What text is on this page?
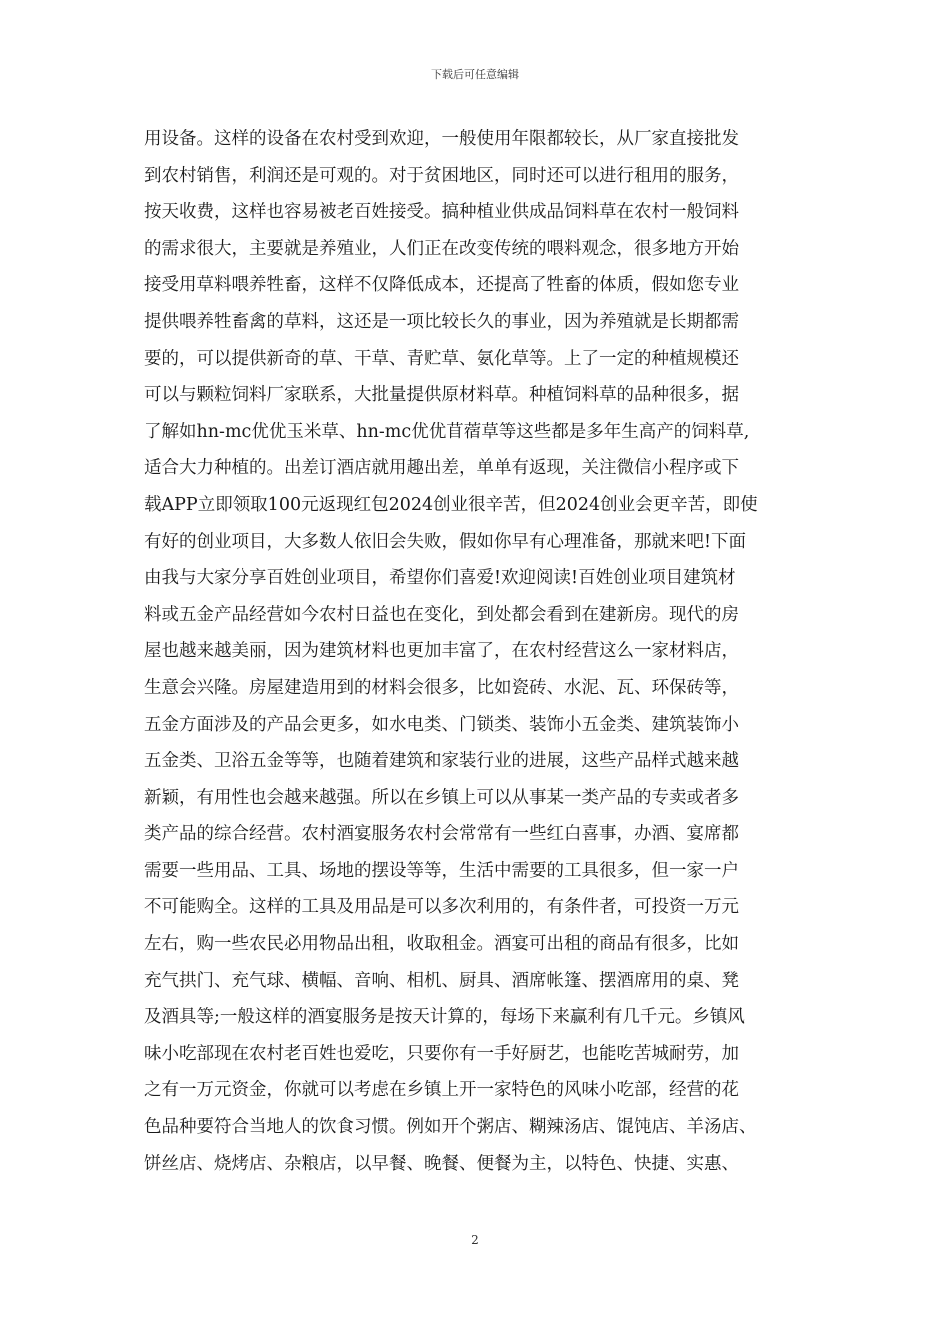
下载后可任意编辑
用设备。这样的设备在农村受到欢迎，一般使用年限都较长，从厂家直接批发
到农村销售，利润还是可观的。对于贫困地区，同时还可以进行租用的服务，
按天收费，这样也容易被老百姓接受。搞种植业供成品饲料草在农村一般饲料
的需求很大，主要就是养殖业，人们正在改变传统的喂料观念，很多地方开始
接受用草料喂养牲畜，这样不仅降低成本，还提高了牲畜的体质，假如您专业
提供喂养牲畜禽的草料，这还是一项比较长久的事业，因为养殖就是长期都需
要的，可以提供新奇的草、干草、青贮草、氨化草等。上了一定的种植规模还
可以与颗粒饲料厂家联系，大批量提供原材料草。种植饲料草的品种很多，据
了解如hn-mc优优玉米草、hn-mc优优苜蓿草等这些都是多年生高产的饲料草,
适合大力种植的。出差订酒店就用趣出差，单单有返现，关注微信小程序或下
载APP立即领取100元返现红包2024创业很辛苦，但2024创业会更辛苦，即使
有好的创业项目，大多数人依旧会失败，假如你早有心理准备，那就来吧!下面
由我与大家分享百姓创业项目，希望你们喜爱!欢迎阅读!百姓创业项目建筑材
料或五金产品经营如今农村日益也在变化，到处都会看到在建新房。现代的房
屋也越来越美丽，因为建筑材料也更加丰富了，在农村经营这么一家材料店，
生意会兴隆。房屋建造用到的材料会很多，比如瓷砖、水泥、瓦、环保砖等，
五金方面涉及的产品会更多，如水电类、门锁类、装饰小五金类、建筑装饰小
五金类、卫浴五金等等，也随着建筑和家装行业的进展，这些产品样式越来越
新颖，有用性也会越来越强。所以在乡镇上可以从事某一类产品的专卖或者多
类产品的综合经营。农村酒宴服务农村会常常有一些红白喜事，办酒、宴席都
需要一些用品、工具、场地的摆设等等，生活中需要的工具很多，但一家一户
不可能购全。这样的工具及用品是可以多次利用的，有条件者，可投资一万元
左右，购一些农民必用物品出租，收取租金。酒宴可出租的商品有很多，比如
充气拱门、充气球、横幅、音响、相机、厨具、酒席帐篷、摆酒席用的桌、凳
及酒具等;一般这样的酒宴服务是按天计算的，每场下来赢利有几千元。乡镇风
味小吃部现在农村老百姓也爱吃，只要你有一手好厨艺，也能吃苦城耐劳，加
之有一万元资金，你就可以考虑在乡镇上开一家特色的风味小吃部，经营的花
色品种要符合当地人的饮食习惯。例如开个粥店、糊辣汤店、馄饨店、羊汤店、
饼丝店、烧烤店、杂粮店，以早餐、晚餐、便餐为主，以特色、快捷、实惠、
2
